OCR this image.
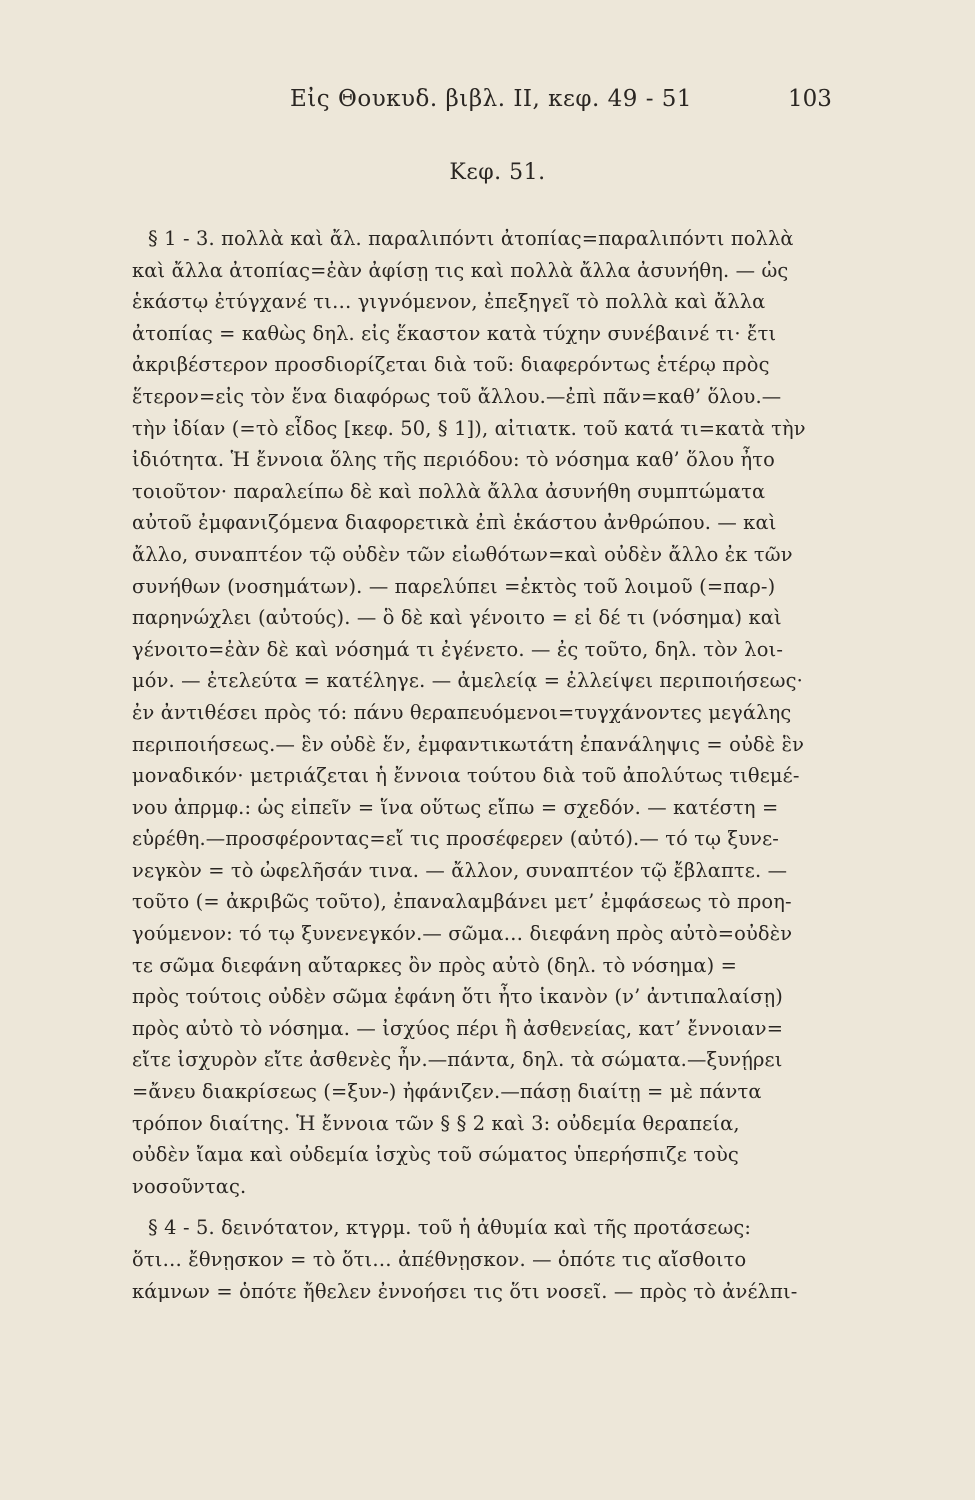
Εἰς Θουκυδ. βιβλ. II, κεφ. 49 - 51	103
Κεφ. 51.
§ 1 - 3. πολλὰ καὶ ἄλ. παραλιπόντι ἀτοπίας=παραλιπόντι πολλὰ
καὶ ἄλλα ἀτοπίας=ἐὰν ἀφίσῃ τις καὶ πολλὰ ἄλλα ἀσυνήθη. — ὡς
ἑκάστῳ ἐτύγχανέ τι… γιγνόμενον, ἐπεξηγεῖ τὸ πολλὰ καὶ ἄλλα
ἀτοπίας = καθὼς δηλ. εἰς ἕκαστον κατὰ τύχην συνέβαινέ τι· ἔτι
ἀκριβέστερον προσδιορίζεται διὰ τοῦ: διαφερόντως ἑτέρῳ πρὸς
ἕτερον=εἰς τὸν ἕνα διαφόρως τοῦ ἄλλου.—ἐπὶ πᾶν=καθ’ ὅλου.—
τὴν ἰδίαν (=τὸ εἶδος [κεφ. 50, § 1]), αἰτιατκ. τοῦ κατά τι=κατὰ τὴν
ἰδιότητα. Ἡ ἔννοια ὅλης τῆς περιόδου: τὸ νόσημα καθ’ ὅλου ἦτο
τοιοῦτον· παραλείπω δὲ καὶ πολλὰ ἄλλα ἀσυνήθη συμπτώματα
αὐτοῦ ἐμφανιζόμενα διαφορετικὰ ἐπὶ ἑκάστου ἀνθρώπου. — καὶ
ἄλλο, συναπτέον τῷ οὐδὲν τῶν εἰωθότων=καὶ οὐδὲν ἄλλο ἐκ τῶν
συνήθων (νοσημάτων). — παρελύπει =ἐκτὸς τοῦ λοιμοῦ (=παρ-)
παρηνώχλει (αὐτούς). — ὃ δὲ καὶ γένοιτο = εἰ δέ τι (νόσημα) καὶ
γένοιτο=ἐὰν δὲ καὶ νόσημά τι ἐγένετο. — ἐς τοῦτο, δηλ. τὸν λοι-
μόν. — ἐτελεύτα = κατέληγε. — ἀμελείᾳ = ἐλλείψει περιποιήσεως·
ἐν ἀντιθέσει πρὸς τό: πάνυ θεραπευόμενοι=τυγχάνοντες μεγάλης
περιποιήσεως.— ἓν οὐδὲ ἕν, ἐμφαντικωτάτη ἐπανάληψις = οὐδὲ ἓν
μοναδικόν· μετριάζεται ἡ ἔννοια τούτου διὰ τοῦ ἀπολύτως τιθεμέ-
νου ἀπρμφ.: ὡς εἰπεῖν = ἵνα οὕτως εἴπω = σχεδόν. — κατέστη =
εὑρέθη.—προσφέροντας=εἴ τις προσέφερεν (αὐτό).— τό τῳ ξυνε-
νεγκὸν = τὸ ὠφελῆσάν τινα. — ἄλλον, συναπτέον τῷ ἔβλαπτε. —
τοῦτο (= ἀκριβῶς τοῦτο), ἐπαναλαμβάνει μετ’ ἐμφάσεως τὸ προη-
γούμενον: τό τῳ ξυνενεγκόν.— σῶμα… διεφάνη πρὸς αὐτὸ=οὐδὲν
τε σῶμα διεφάνη αὔταρκες ὂν πρὸς αὐτὸ (δηλ. τὸ νόσημα) =
πρὸς τούτοις οὐδὲν σῶμα ἐφάνη ὅτι ἦτο ἱκανὸν (ν’ ἀντιπαλαίσῃ)
πρὸς αὐτὸ τὸ νόσημα. — ἰσχύος πέρι ἢ ἀσθενείας, κατ’ ἔννοιαν=
εἴτε ἰσχυρὸν εἴτε ἀσθενὲς ἦν.—πάντα, δηλ. τὰ σώματα.—ξυνῄρει
=ἄνευ διακρίσεως (=ξυν-) ἠφάνιζεν.—πάσῃ διαίτῃ = μὲ πάντα
τρόπον διαίτης. Ἡ ἔννοια τῶν § § 2 καὶ 3: οὐδεμία θεραπεία,
οὐδὲν ἴαμα καὶ οὐδεμία ἰσχὺς τοῦ σώματος ὑπερήσπιζε τοὺς
νοσοῦντας.
§ 4 - 5. δεινότατον, κτγρμ. τοῦ ἡ ἀθυμία καὶ τῆς προτάσεως:
ὅτι… ἔθνῃσκον = τὸ ὅτι… ἀπέθνῃσκον. — ὁπότε τις αἴσθοιτο
κάμνων = ὁπότε ἤθελεν ἐννοήσει τις ὅτι νοσεῖ. — πρὸς τὸ ἀνέλπι-
